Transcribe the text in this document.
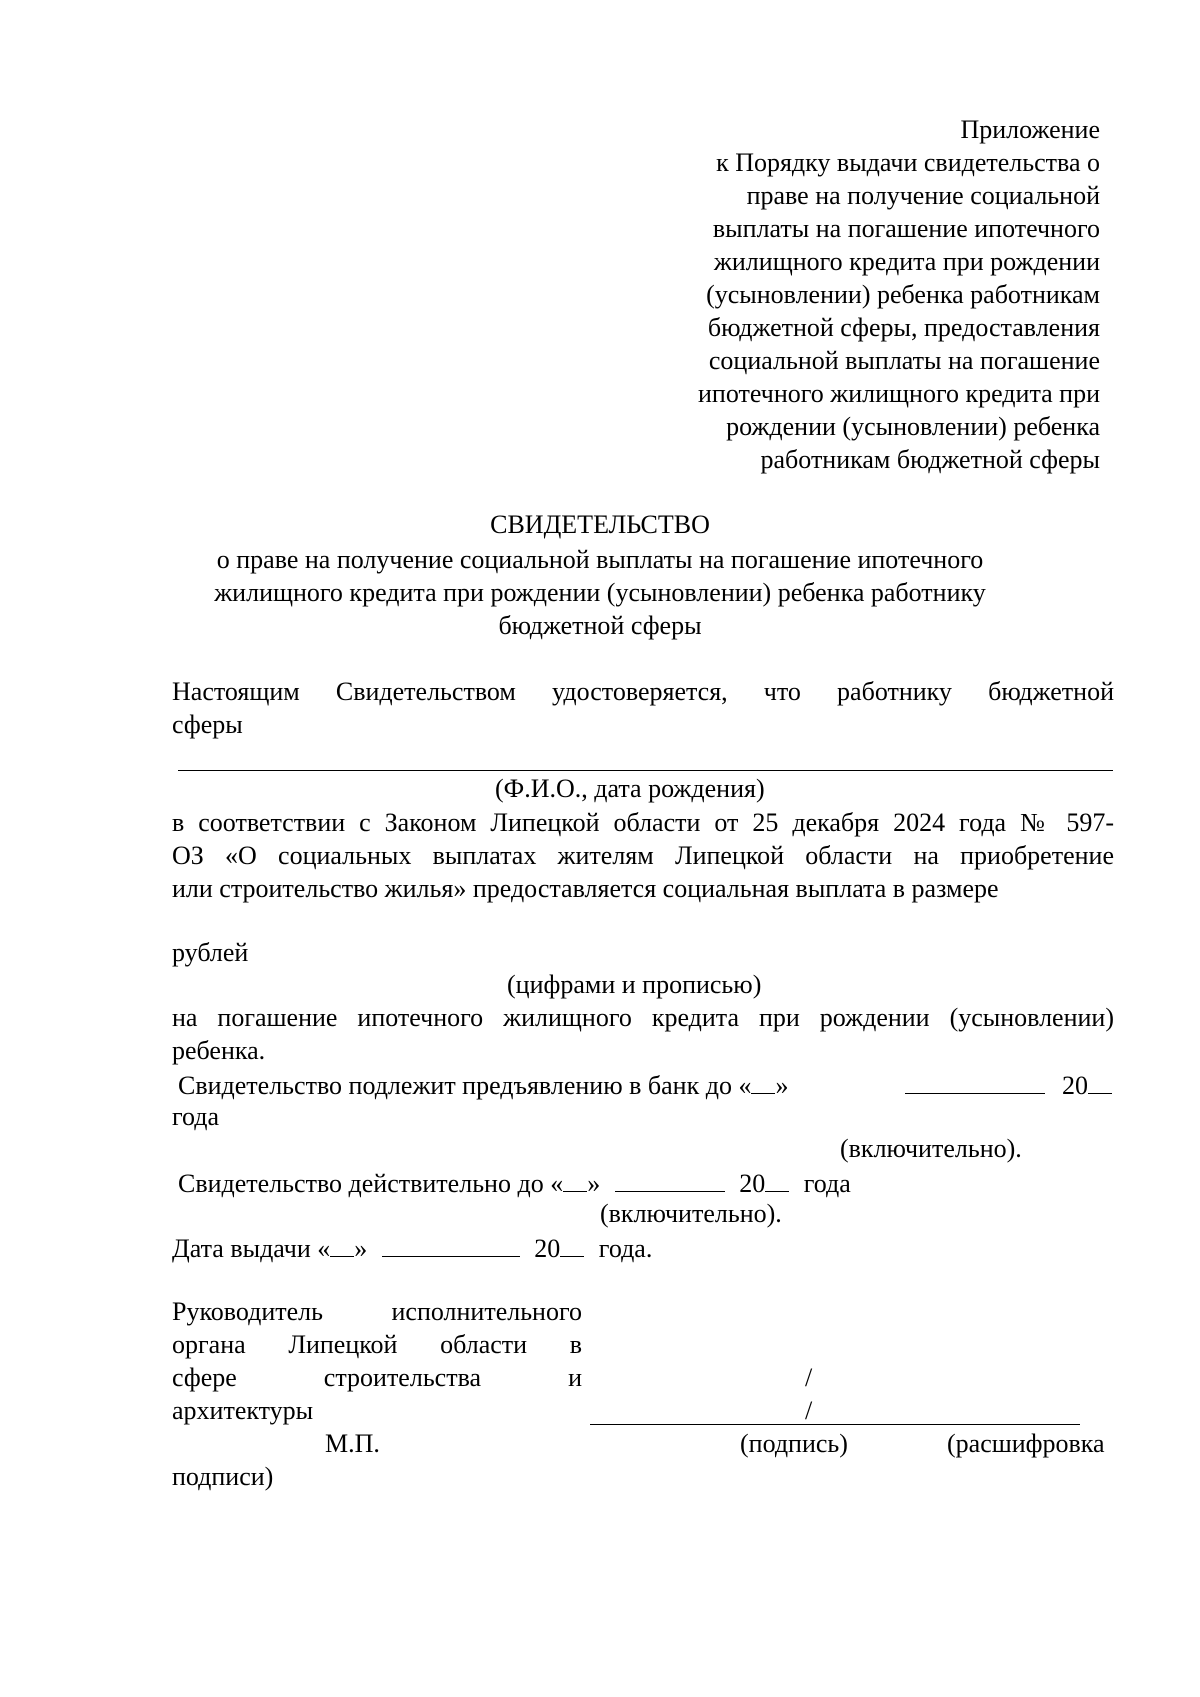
Приложение
к Порядку выдачи свидетельства о
праве на получение социальной
выплаты на погашение ипотечного
жилищного кредита при рождении
(усыновлении) ребенка работникам
бюджетной сферы, предоставления
социальной выплаты на погашение
ипотечного жилищного кредита при
рождении (усыновлении) ребенка
работникам бюджетной сферы
СВИДЕТЕЛЬСТВО
о праве на получение социальной выплаты на погашение ипотечного
жилищного кредита при рождении (усыновлении) ребенка работнику
бюджетной сферы
Настоящим Свидетельством удостоверяется, что работнику бюджетной
сферы
(Ф.И.О., дата рождения)
в соответствии с Законом Липецкой области от 25 декабря 2024 года № 597-
ОЗ «О социальных выплатах жителям Липецкой области на приобретение
или строительство жилья» предоставляется социальная выплата в размере
рублей
(цифрами и прописью)
на погашение ипотечного жилищного кредита при рождении (усыновлении)
ребенка.
Свидетельство подлежит предъявлению в банк до « »	20
года
(включительно).
Свидетельство действительно до « »	20 года
(включительно).
Дата выдачи « »	20 года.
Руководитель исполнительного
органа Липецкой области в
сфере строительства и
архитектуры
/
/
М.П.	(подпись)	(расшифровка
подписи)
